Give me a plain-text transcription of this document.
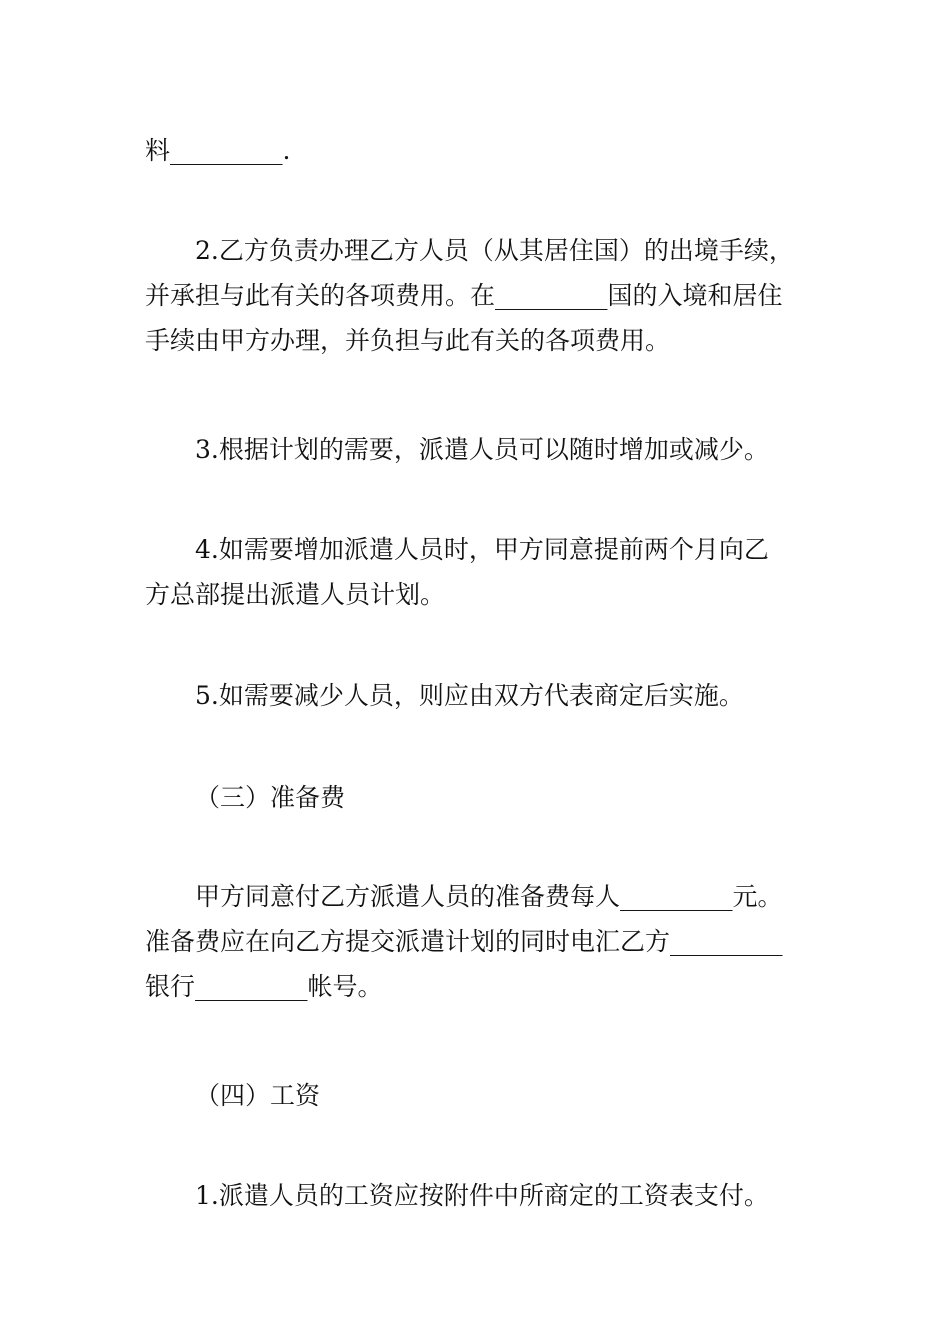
料_________.

2.乙方负责办理乙方人员（从其居住国）的出境手续，
并承担与此有关的各项费用。在_________国的入境和居住
手续由甲方办理，并负担与此有关的各项费用。

3.根据计划的需要，派遣人员可以随时增加或减少。

4.如需要增加派遣人员时，甲方同意提前两个月向乙
方总部提出派遣人员计划。

5.如需要减少人员，则应由双方代表商定后实施。

（三）准备费

甲方同意付乙方派遣人员的准备费每人_________元。
准备费应在向乙方提交派遣计划的同时电汇乙方_________
银行_________帐号。

（四）工资

1.派遣人员的工资应按附件中所商定的工资表支付。
